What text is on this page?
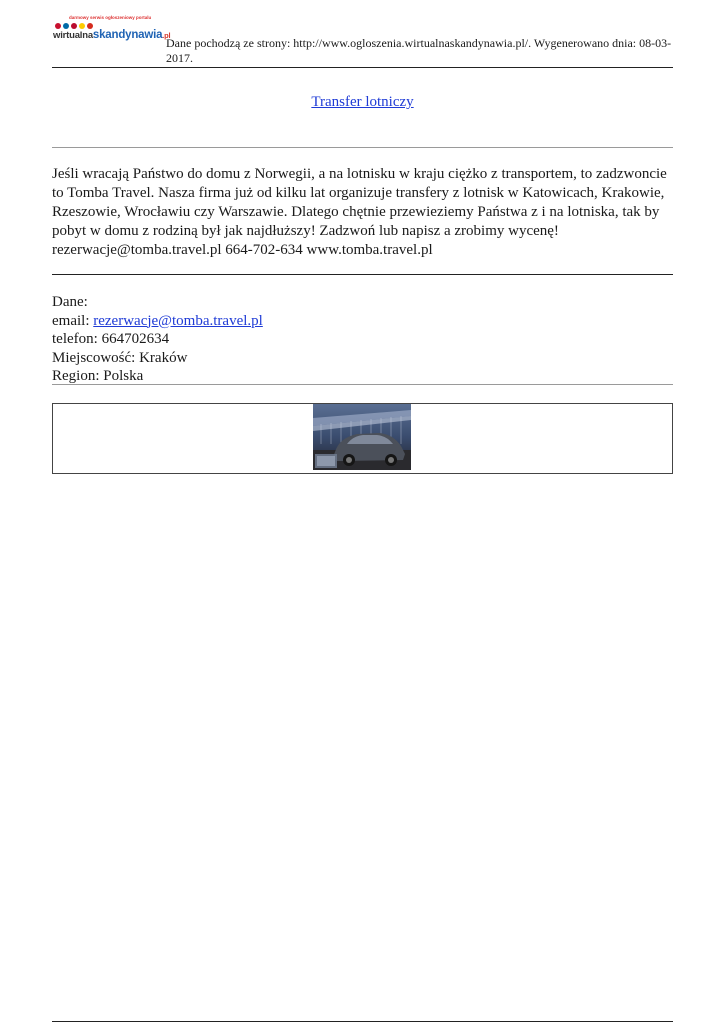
darmowy serwis ogłoszeniowy portalu
wirtualnaskandynawia.pl
Dane pochodzą ze strony: http://www.ogloszenia.wirtualnaskandynawia.pl/. Wygenerowano dnia: 08-03-2017.
Transfer lotniczy
Jeśli wracają Państwo do domu z Norwegii, a na lotnisku w kraju ciężko z transportem, to zadzwoncie to Tomba Travel. Nasza firma już od kilku lat organizuje transfery z lotnisk w Katowicach, Krakowie, Rzeszowie, Wrocławiu czy Warszawie. Dlatego chętnie przewieziemy Państwa z i na lotniska, tak by pobyt w domu z rodziną był jak najdłuższy! Zadzwoń lub napisz a zrobimy wycenę! rezerwacje@tomba.travel.pl 664-702-634 www.tomba.travel.pl
Dane:
email: rezerwacje@tomba.travel.pl
telefon: 664702634
Miejscowość: Kraków
Region: Polska
